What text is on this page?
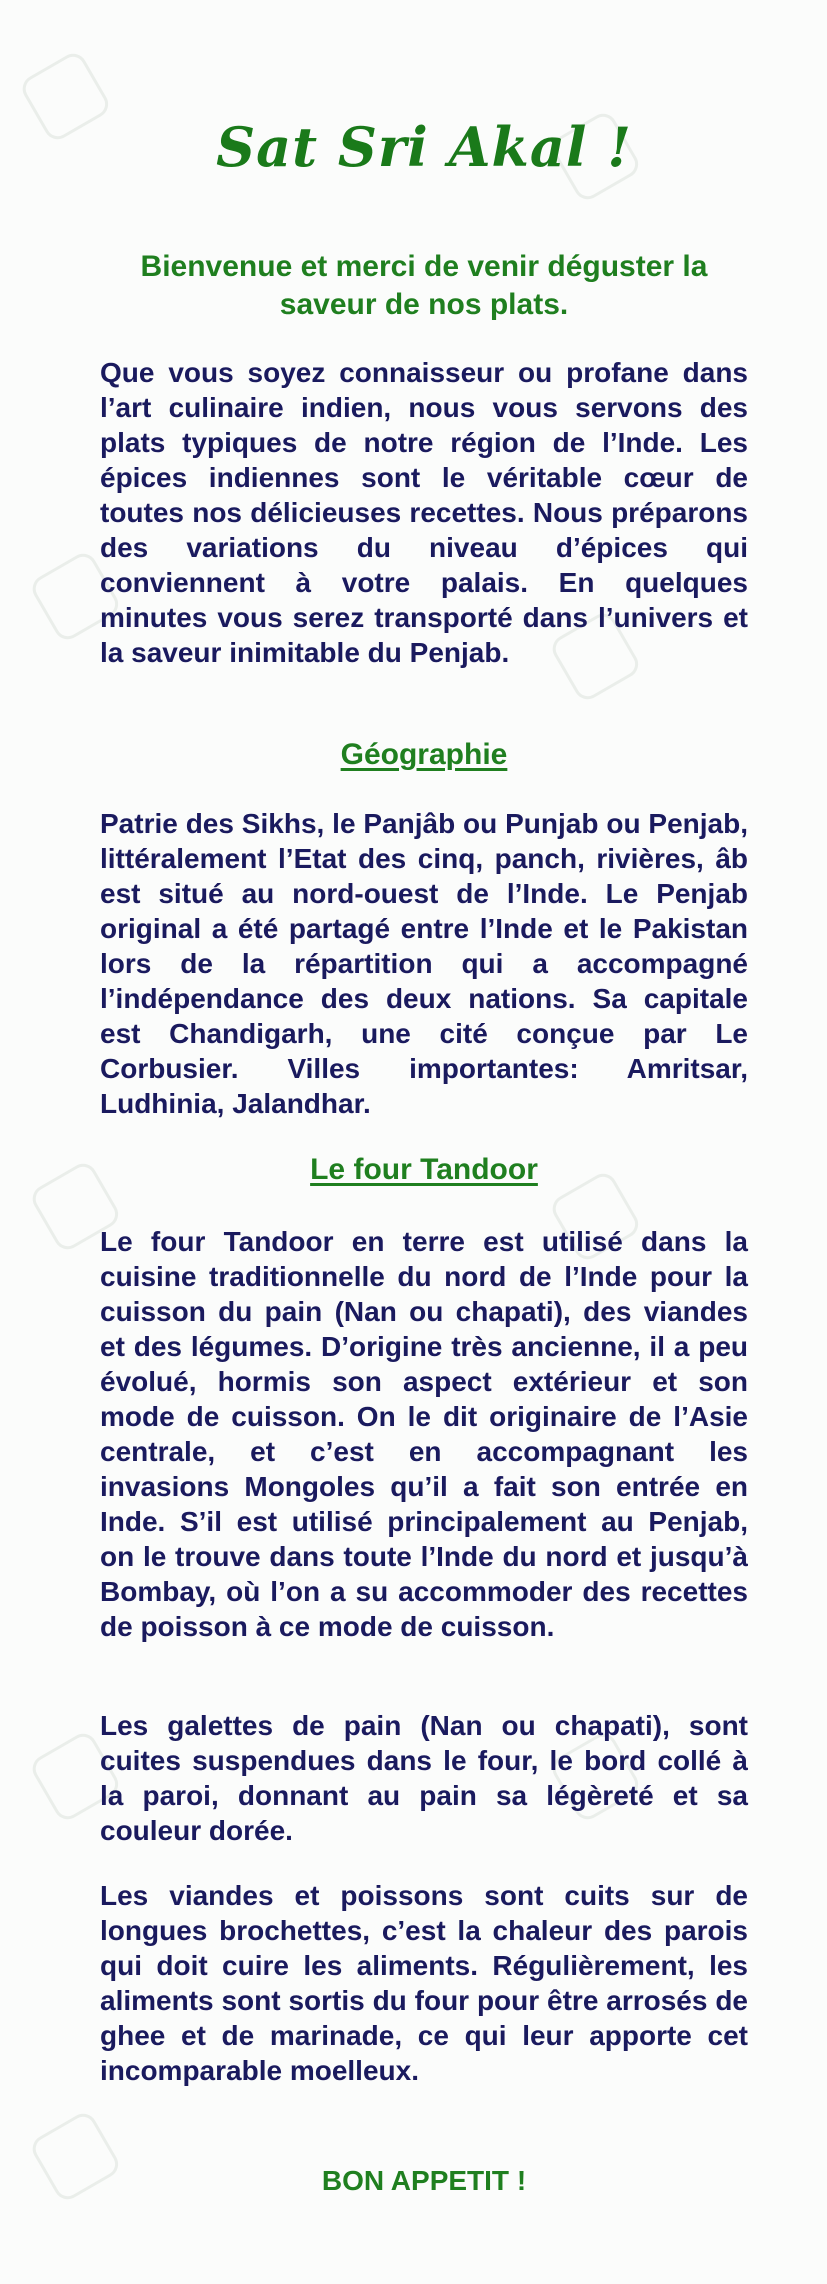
Sat Sri Akal !
Bienvenue et merci de venir déguster la saveur de nos plats.

Que vous soyez connaisseur ou profane dans l’art culinaire indien, nous vous servons des plats typiques de notre région de l’Inde. Les épices indiennes sont le véritable cœur de toutes nos délicieuses recettes. Nous préparons des variations du niveau d’épices qui conviennent à votre palais. En quelques minutes vous serez transporté dans l’univers et la saveur inimitable du Penjab.

Géographie

Patrie des Sikhs, le Panjâb ou Punjab ou Penjab, littéralement l’Etat des cinq, panch, rivières, âb est situé au nord-ouest de l’Inde. Le Penjab original a été partagé entre l’Inde et le Pakistan lors de la répartition qui a accompagné l’indépendance des deux nations. Sa capitale est Chandigarh, une cité conçue par Le Corbusier. Villes importantes: Amritsar, Ludhinia, Jalandhar.

Le four Tandoor

Le four Tandoor en terre est utilisé dans la cuisine traditionnelle du nord de l’Inde pour la cuisson du pain (Nan ou chapati), des viandes et des légumes. D’origine très ancienne, il a peu évolué, hormis son aspect extérieur et son mode de cuisson. On le dit originaire de l’Asie centrale, et c’est en accompagnant les invasions Mongoles qu’il a fait son entrée en Inde. S’il est utilisé principalement au Penjab, on le trouve dans toute l’Inde du nord et jusqu’à Bombay, où l’on a su accommoder des recettes de poisson à ce mode de cuisson.

Les galettes de pain (Nan ou chapati), sont cuites suspendues dans le four, le bord collé à la paroi, donnant au pain sa légèreté et sa couleur dorée.

Les viandes et poissons sont cuits sur de longues brochettes, c’est la chaleur des parois qui doit cuire les aliments. Régulièrement, les aliments sont sortis du four pour être arrosés de ghee et de marinade, ce qui leur apporte cet incomparable moelleux.

BON APPETIT !
